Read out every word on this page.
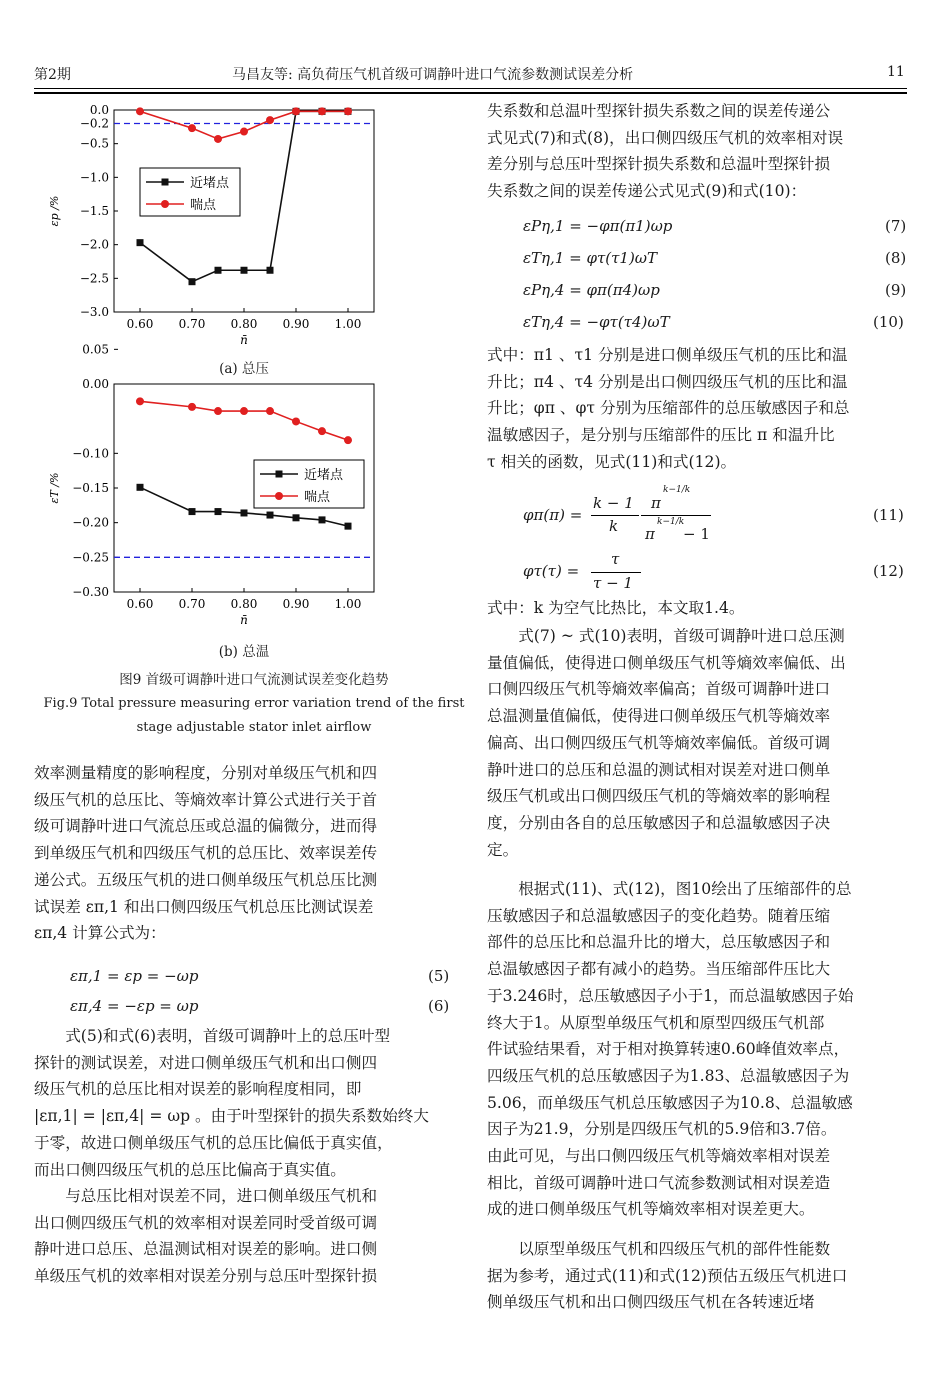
第2期	马昌友等: 高负荷压气机首级可调静叶进口气流参数测试误差分析	11
0.60 0.70 0.80 0.90 1.00
0.0
−0.2
−0.5
−1.0
−1.5
−2.0
−2.5
−3.0
n̄
εp /%
近堵点
喘点
(a) 总压
0.60 0.70 0.80 0.90 1.00
0.00
0.05
−0.10
−0.15
−0.20
−0.25
−0.30
n̄
εT /%	近堵点
喘点
(b) 总温
图9 首级可调静叶进口气流测试误差变化趋势
Fig.9 Total pressure measuring error variation trend of the first
stage adjustable stator inlet airflow

效率测量精度的影响程度，分别对单级压气机和四

级压气机的总压比、等熵效率计算公式进行关于首

级可调静叶进口气流总压或总温的偏微分，进而得

到单级压气机和四级压气机的总压比、效率误差传

递公式。五级压气机的进口侧单级压气机总压比测

试误差 επ,1 和出口侧四级压气机总压比测试误差

επ,4 计算公式为：

επ,1 = εp = −ωp	(5)
επ,4 = −εp = ωp	(6)

式(5)和式(6)表明，首级可调静叶上的总压叶型

探针的测试误差，对进口侧单级压气机和出口侧四

级压气机的总压比相对误差的影响程度相同，即

|επ,1| = |επ,4| = ωp 。由于叶型探针的损失系数始终大

于零，故进口侧单级压气机的总压比偏低于真实值，

而出口侧四级压气机的总压比偏高于真实值。

与总压比相对误差不同，进口侧单级压气机和

出口侧四级压气机的效率相对误差同时受首级可调

静叶进口总压、总温测试相对误差的影响。进口侧

单级压气机的效率相对误差分别与总压叶型探针损

失系数和总温叶型探针损失系数之间的误差传递公

式见式(7)和式(8)，出口侧四级压气机的效率相对误

差分别与总压叶型探针损失系数和总温叶型探针损

失系数之间的误差传递公式见式(9)和式(10)：

εPη,1 = −φπ(π1)ωp	(7)
εTη,1 = φτ(τ1)ωT	(8)
εPη,4 = φπ(π4)ωp	(9)
εTη,4 = −φτ(τ4)ωT	(10)

式中：π1 、τ1 分别是进口侧单级压气机的压比和温

升比；π4 、τ4 分别是出口侧四级压气机的压比和温

升比；φπ 、φτ 分别为压缩部件的总压敏感因子和总

温敏感因子，是分别与压缩部件的压比 π 和温升比

τ 相关的函数，见式(11)和式(12)。

φπ(π) =
k − 1
k
π
k−1/k
π
k−1/k
− 1
(11)
φτ(τ) =
τ
τ − 1
(12)

式中：k 为空气比热比，本文取1.4。

式(7) ~ 式(10)表明，首级可调静叶进口总压测

量值偏低，使得进口侧单级压气机等熵效率偏低、出

口侧四级压气机等熵效率偏高；首级可调静叶进口

总温测量值偏低，使得进口侧单级压气机等熵效率

偏高、出口侧四级压气机等熵效率偏低。首级可调

静叶进口的总压和总温的测试相对误差对进口侧单

级压气机或出口侧四级压气机的等熵效率的影响程

度，分别由各自的总压敏感因子和总温敏感因子决

定。

根据式(11)、式(12)，图10绘出了压缩部件的总

压敏感因子和总温敏感因子的变化趋势。随着压缩

部件的总压比和总温升比的增大，总压敏感因子和

总温敏感因子都有减小的趋势。当压缩部件压比大

于3.246时，总压敏感因子小于1，而总温敏感因子始

终大于1。从原型单级压气机和原型四级压气机部

件试验结果看，对于相对换算转速0.60峰值效率点，

四级压气机的总压敏感因子为1.83、总温敏感因子为

5.06，而单级压气机总压敏感因子为10.8、总温敏感

因子为21.9，分别是四级压气机的5.9倍和3.7倍。

由此可见，与出口侧四级压气机等熵效率相对误差

相比，首级可调静叶进口气流参数测试相对误差造

成的进口侧单级压气机等熵效率相对误差更大。

以原型单级压气机和四级压气机的部件性能数

据为参考，通过式(11)和式(12)预估五级压气机进口

侧单级压气机和出口侧四级压气机在各转速近堵
